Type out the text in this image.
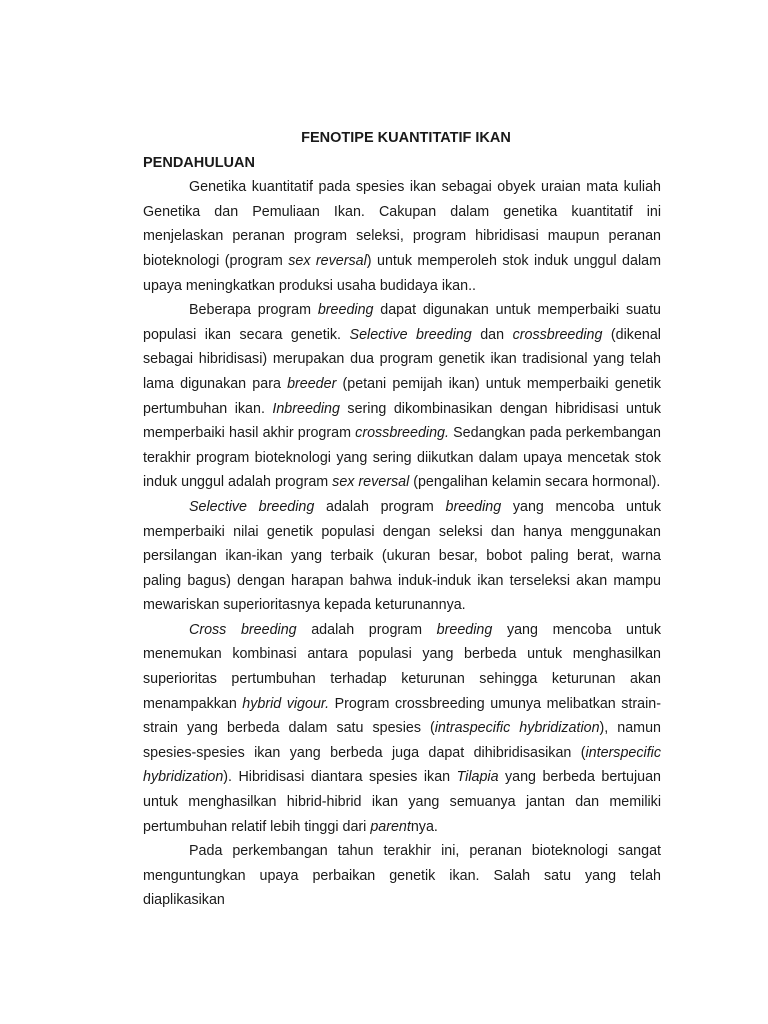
FENOTIPE KUANTITATIF IKAN
PENDAHULUAN

Genetika kuantitatif pada spesies ikan sebagai obyek uraian mata kuliah Genetika dan Pemuliaan Ikan. Cakupan dalam genetika kuantitatif ini menjelaskan peranan program seleksi, program hibridisasi maupun peranan bioteknologi (program sex reversal) untuk memperoleh stok induk unggul dalam upaya meningkatkan produksi usaha budidaya ikan..

Beberapa program breeding dapat digunakan untuk memperbaiki suatu populasi ikan secara genetik. Selective breeding dan crossbreeding (dikenal sebagai hibridisasi) merupakan dua program genetik ikan tradisional yang telah lama digunakan para breeder (petani pemijah ikan) untuk memperbaiki genetik pertumbuhan ikan. Inbreeding sering dikombinasikan dengan hibridisasi untuk memperbaiki hasil akhir program crossbreeding. Sedangkan pada perkembangan terakhir program bioteknologi yang sering diikutkan dalam upaya mencetak stok induk unggul adalah program sex reversal (pengalihan kelamin secara hormonal).

Selective breeding adalah program breeding yang mencoba untuk memperbaiki nilai genetik populasi dengan seleksi dan hanya menggunakan persilangan ikan-ikan yang terbaik (ukuran besar, bobot paling berat, warna paling bagus) dengan harapan bahwa induk-induk ikan terseleksi akan mampu mewariskan superioritasnya kepada keturunannya.

Cross breeding adalah program breeding yang mencoba untuk menemukan kombinasi antara populasi yang berbeda untuk menghasilkan superioritas pertumbuhan terhadap keturunan sehingga keturunan akan menampakkan hybrid vigour. Program crossbreeding umunya melibatkan strain-strain yang berbeda dalam satu spesies (intraspecific hybridization), namun spesies-spesies ikan yang berbeda juga dapat dihibridisasikan (interspecific hybridization). Hibridisasi diantara spesies ikan Tilapia yang berbeda bertujuan untuk menghasilkan hibrid-hibrid ikan yang semuanya jantan dan memiliki pertumbuhan relatif lebih tinggi dari parentnya.

Pada perkembangan tahun terakhir ini, peranan bioteknologi sangat menguntungkan upaya perbaikan genetik ikan. Salah satu yang telah diaplikasikan
